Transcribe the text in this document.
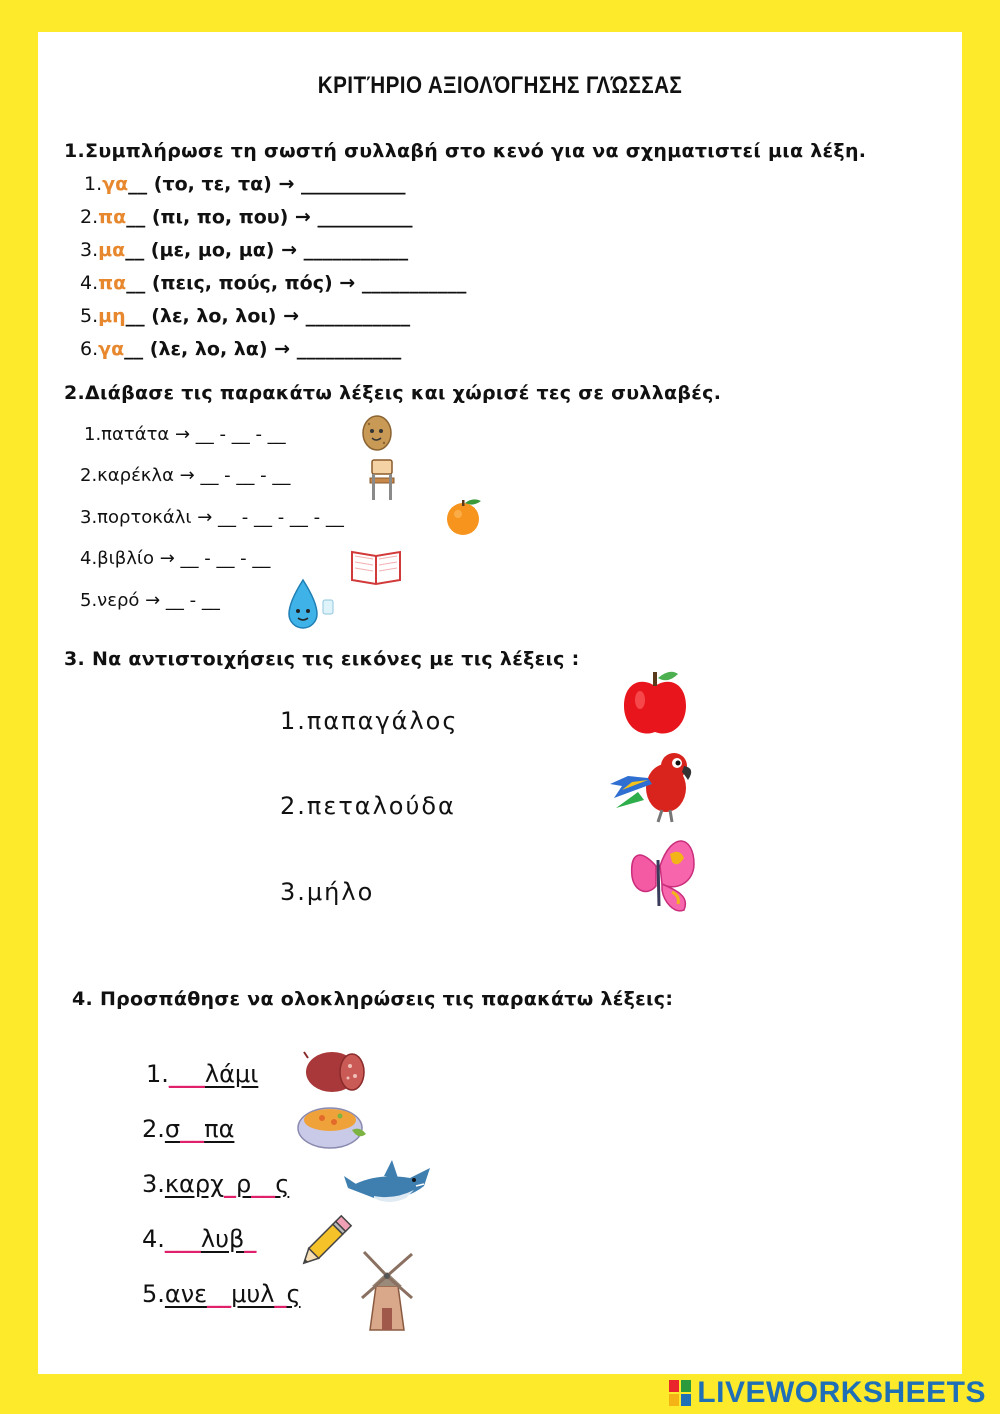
ΚΡΙΤΉΡΙΟ ΑΞΙΟΛΌΓΗΣΗΣ ΓΛΏΣΣΑΣ
1.Συμπλήρωσε τη σωστή συλλαβή στο κενό για να σχηματιστεί μια λέξη.
1.γα__ (το, τε, τα) → ___________
2.πα__ (πι, πο, που) → __________
3.μα__ (με, μο, μα) → ___________
4.πα__ (πεις, πούς, πός) → ___________
5.μη__ (λε, λο, λοι) → ___________
6.γα__ (λε, λο, λα) → ___________
2.Διάβασε τις παρακάτω λέξεις και χώρισέ τες σε συλλαβές.
1.πατάτα → __ - __ - __
2.καρέκλα → __ - __ - __
3.πορτοκάλι → __ - __ - __ - __
4.βιβλίο → __ - __ - __
5.νερό → __ - __
3. Να αντιστοιχήσεις τις εικόνες με τις λέξεις :
1.παπαγάλος
2.πεταλούδα
3.μήλο
4. Προσπάθησε να ολοκληρώσεις τις παρακάτω λέξεις:
1.___λάμι
2.σ__πα
3.καρχ_ρ__ς
4.___λυβ_
5.ανε__μυλ_ς
LIVEWORKSHEETS
